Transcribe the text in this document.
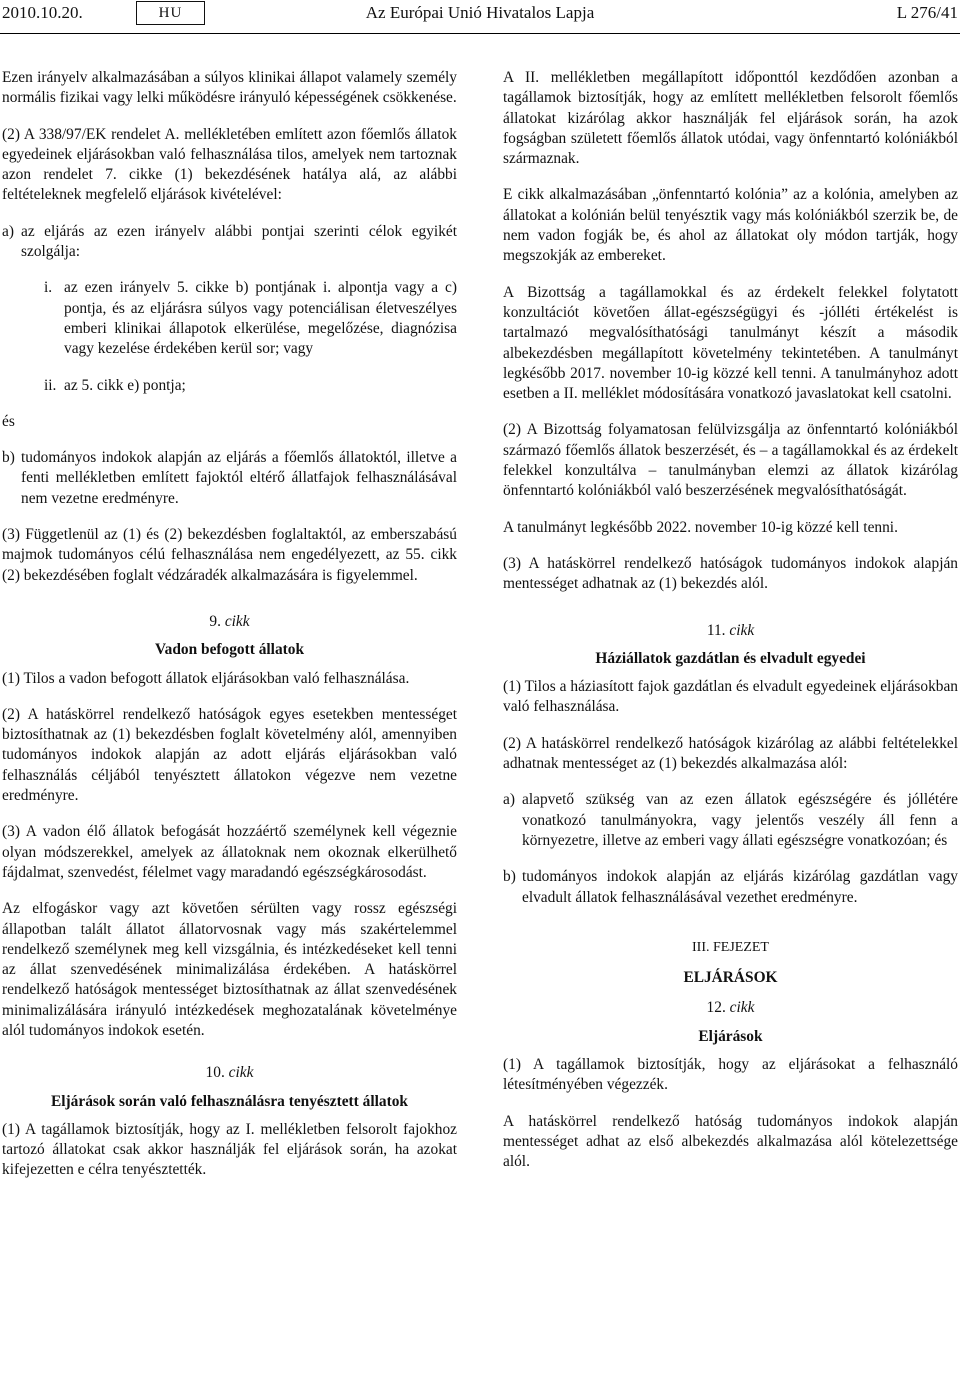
2010.10.20.	HU	Az Európai Unió Hivatalos Lapja	L 276/41

Ezen irányelv alkalmazásában a súlyos klinikai állapot valamely személy normális fizikai vagy lelki működésre irányuló képességének csökkenése.

(2) A 338/97/EK rendelet A. mellékletében említett azon főemlős állatok egyedeinek eljárásokban való felhasználása tilos, amelyek nem tartoznak azon rendelet 7. cikke (1) bekezdésének hatálya alá, az alábbi feltételeknek megfelelő eljárások kivételével:

a) az eljárás az ezen irányelv alábbi pontjai szerinti célok egyikét szolgálja:

i. az ezen irányelv 5. cikke b) pontjának i. alpontja vagy a c) pontja, és az eljárásra súlyos vagy potenciálisan életveszélyes emberi klinikai állapotok elkerülése, megelőzése, diagnózisa vagy kezelése érdekében kerül sor; vagy

ii. az 5. cikk e) pontja;

és

b) tudományos indokok alapján az eljárás a főemlős állatoktól, illetve a fenti mellékletben említett fajoktól eltérő állatfajok felhasználásával nem vezetne eredményre.

(3) Függetlenül az (1) és (2) bekezdésben foglaltaktól, az emberszabású majmok tudományos célú felhasználása nem engedélyezett, az 55. cikk (2) bekezdésében foglalt védzáradék alkalmazására is figyelemmel.

9. cikk

Vadon befogott állatok

(1) Tilos a vadon befogott állatok eljárásokban való felhasználása.

(2) A hatáskörrel rendelkező hatóságok egyes esetekben mentességet biztosíthatnak az (1) bekezdésben foglalt követelmény alól, amennyiben tudományos indokok alapján az adott eljárás eljárásokban való felhasználás céljából tenyésztett állatokon végezve nem vezetne eredményre.

(3) A vadon élő állatok befogását hozzáértő személynek kell végeznie olyan módszerekkel, amelyek az állatoknak nem okoznak elkerülhető fájdalmat, szenvedést, félelmet vagy maradandó egészségkárosodást.

Az elfogáskor vagy azt követően sérülten vagy rossz egészségi állapotban talált állatot állatorvosnak vagy más szakértelemmel rendelkező személynek meg kell vizsgálnia, és intézkedéseket kell tenni az állat szenvedésének minimalizálása érdekében. A hatáskörrel rendelkező hatóságok mentességet biztosíthatnak az állat szenvedésének minimalizálására irányuló intézkedések meghozatalának követelménye alól tudományos indokok esetén.

10. cikk

Eljárások során való felhasználásra tenyésztett állatok

(1) A tagállamok biztosítják, hogy az I. mellékletben felsorolt fajokhoz tartozó állatokat csak akkor használják fel eljárások során, ha azokat kifejezetten e célra tenyésztették.

A II. mellékletben megállapított időponttól kezdődően azonban a tagállamok biztosítják, hogy az említett mellékletben felsorolt főemlős állatokat kizárólag akkor használják fel eljárások során, ha azok fogságban született főemlős állatok utódai, vagy önfenntartó kolóniákból származnak.

E cikk alkalmazásában „önfenntartó kolónia” az a kolónia, amelyben az állatokat a kolónián belül tenyésztik vagy más kolóniákból szerzik be, de nem vadon fogják be, és ahol az állatokat oly módon tartják, hogy megszokják az embereket.

A Bizottság a tagállamokkal és az érdekelt felekkel folytatott konzultációt követően állat-egészségügyi és -jólléti értékelést is tartalmazó megvalósíthatósági tanulmányt készít a második albekezdésben megállapított követelmény tekintetében. A tanulmányt legkésőbb 2017. november 10-ig közzé kell tenni. A tanulmányhoz adott esetben a II. melléklet módosítására vonatkozó javaslatokat kell csatolni.

(2) A Bizottság folyamatosan felülvizsgálja az önfenntartó kolóniákból származó főemlős állatok beszerzését, és – a tagállamokkal és az érdekelt felekkel konzultálva – tanulmányban elemzi az állatok kizárólag önfenntartó kolóniákból való beszerzésének megvalósíthatóságát.

A tanulmányt legkésőbb 2022. november 10-ig közzé kell tenni.

(3) A hatáskörrel rendelkező hatóságok tudományos indokok alapján mentességet adhatnak az (1) bekezdés alól.

11. cikk

Háziállatok gazdátlan és elvadult egyedei

(1) Tilos a háziasított fajok gazdátlan és elvadult egyedeinek eljárásokban való felhasználása.

(2) A hatáskörrel rendelkező hatóságok kizárólag az alábbi feltételekkel adhatnak mentességet az (1) bekezdés alkalmazása alól:

a) alapvető szükség van az ezen állatok egészségére és jóllétére vonatkozó tanulmányokra, vagy jelentős veszély áll fenn a környezetre, illetve az emberi vagy állati egészségre vonatkozóan; és

b) tudományos indokok alapján az eljárás kizárólag gazdátlan vagy elvadult állatok felhasználásával vezethet eredményre.

III. FEJEZET

ELJÁRÁSOK

12. cikk

Eljárások

(1) A tagállamok biztosítják, hogy az eljárásokat a felhasználó létesítményében végezzék.

A hatáskörrel rendelkező hatóság tudományos indokok alapján mentességet adhat az első albekezdés alkalmazása alól kötelezettsége alól.
